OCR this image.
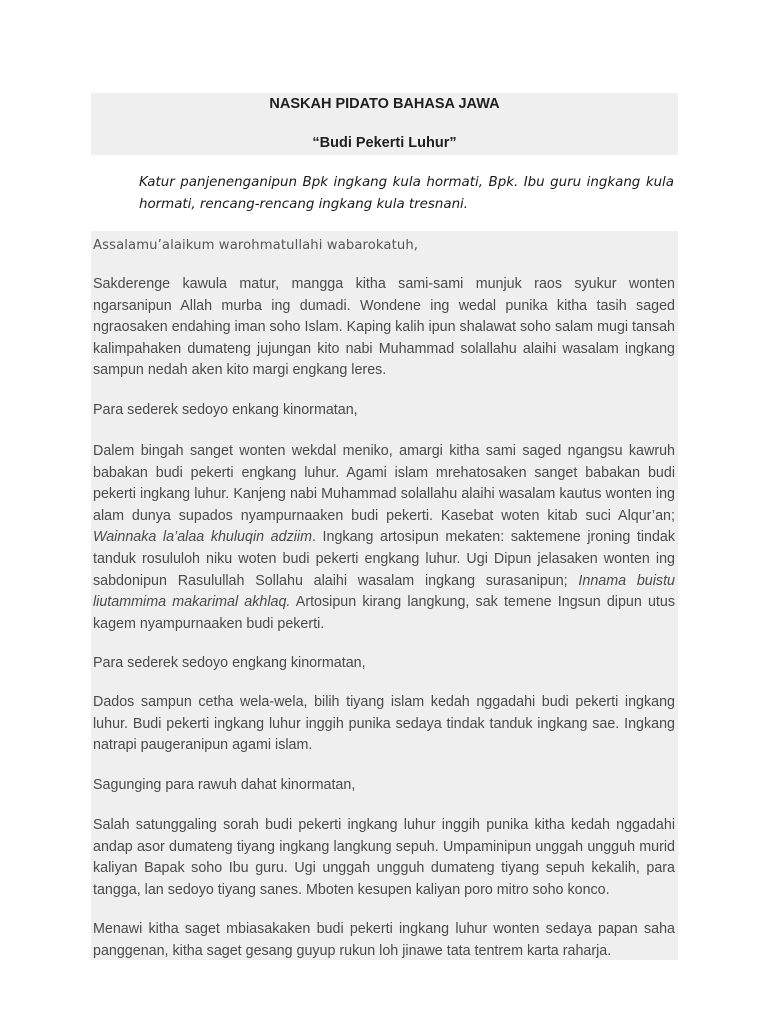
NASKAH PIDATO BAHASA JAWA

“Budi Pekerti Luhur”

Katur panjenenganipun Bpk ingkang kula hormati, Bpk. Ibu guru ingkang kula hormati, rencang-rencang ingkang kula tresnani.

Assalamu’alaikum warohmatullahi wabarokatuh,

Sakderenge kawula matur, mangga kitha sami-sami munjuk raos syukur wonten ngarsanipun Allah murba ing dumadi. Wondene ing wedal punika kitha tasih saged ngraosaken endahing iman soho Islam. Kaping kalih ipun shalawat soho salam mugi tansah kalimpahaken dumateng jujungan kito nabi Muhammad solallahu alaihi wasalam ingkang sampun nedah aken kito margi engkang leres.

Para sederek sedoyo enkang kinormatan,

Dalem bingah sanget wonten wekdal meniko, amargi kitha sami saged ngangsu kawruh babakan budi pekerti engkang luhur. Agami islam mrehatosaken sanget babakan budi pekerti ingkang luhur. Kanjeng nabi Muhammad solallahu alaihi wasalam kautus wonten ing alam dunya supados nyampurnaaken budi pekerti. Kasebat woten kitab suci Alqur’an; Wainnaka la’alaa khuluqin adziim. Ingkang artosipun mekaten: saktemene jroning tindak tanduk rosululoh niku woten budi pekerti engkang luhur. Ugi Dipun jelasaken wonten ing sabdonipun Rasulullah Sollahu alaihi wasalam ingkang surasanipun; Innama buistu liutammima makarimal akhlaq. Artosipun kirang langkung, sak temene Ingsun dipun utus kagem nyampurnaaken budi pekerti.

Para sederek sedoyo engkang kinormatan,

Dados sampun cetha wela-wela, bilih tiyang islam kedah nggadahi budi pekerti ingkang luhur. Budi pekerti ingkang luhur inggih punika sedaya tindak tanduk ingkang sae. Ingkang natrapi paugeranipun agami islam.

Sagunging para rawuh dahat kinormatan,

Salah satunggaling sorah budi pekerti ingkang luhur inggih punika kitha kedah nggadahi andap asor dumateng tiyang ingkang langkung sepuh. Umpaminipun unggah ungguh murid kaliyan Bapak soho Ibu guru. Ugi unggah ungguh dumateng tiyang sepuh kekalih, para tangga, lan sedoyo tiyang sanes. Mboten kesupen kaliyan poro mitro soho konco.

Menawi kitha saget mbiasakaken budi pekerti ingkang luhur wonten sedaya papan saha panggenan, kitha saget gesang guyup rukun loh jinawe tata tentrem karta raharja.
